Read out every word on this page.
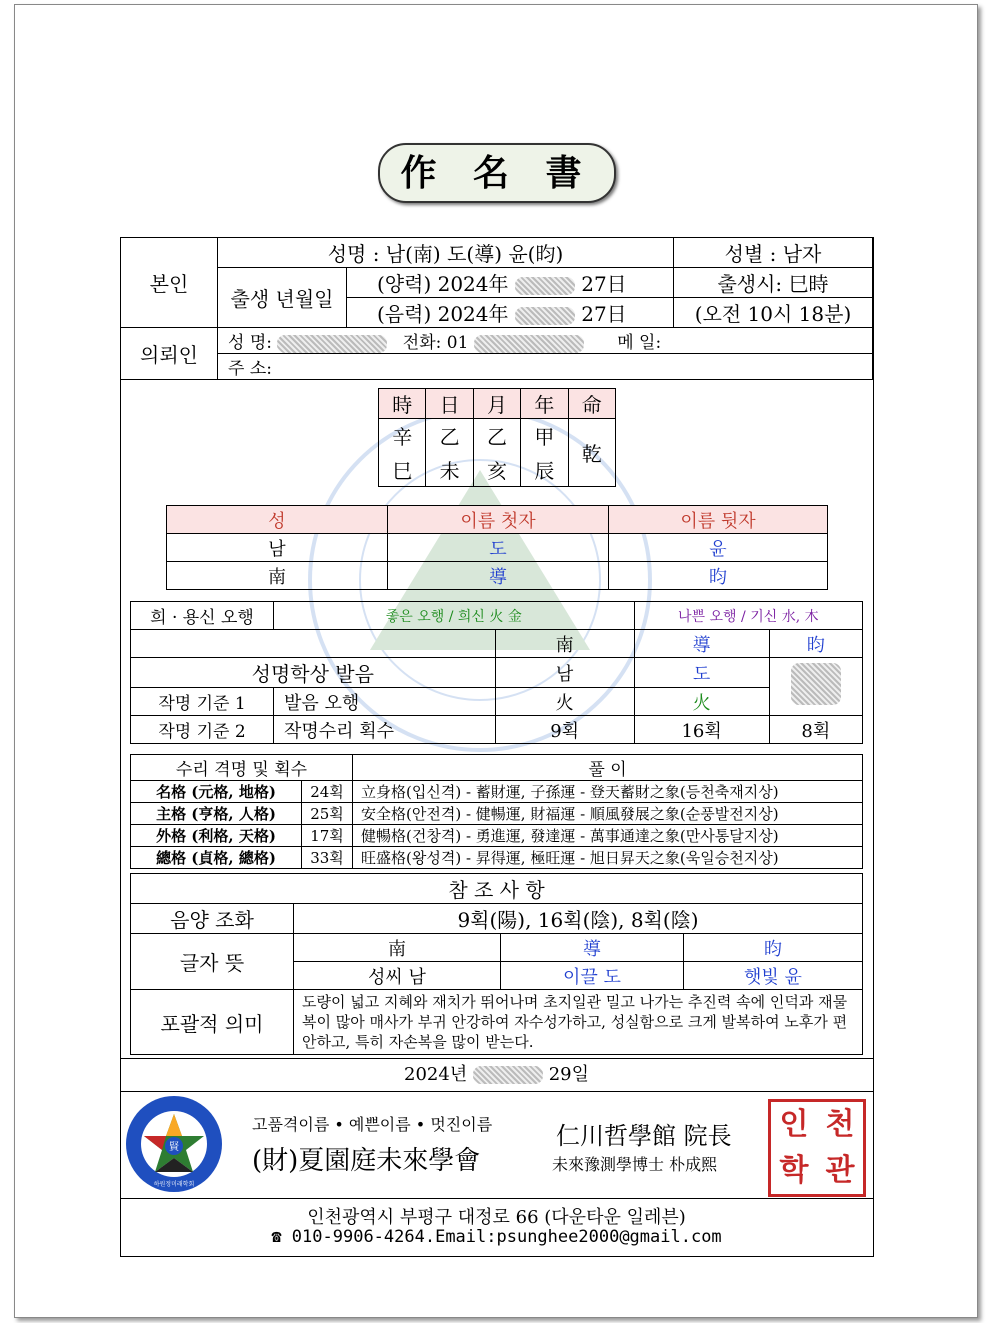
作 名 書
본인	성명 : 남(南) 도(導) 윤(昀)		성별 : 남자
	출생 년월일	(양력) 2024年 27日	출생시: 巳時
		(음력) 2024年 27日	(오전 10시 18분)
의뢰인	성 명: 전화: 01 메 일:		
	주 소:		
時	日	月	年	命
辛	乙	乙	甲	乾
巳	未	亥	辰	
성	이름 첫자	이름 뒷자
남	도	윤
南	導	昀
희 · 용신 오행	좋은 오행 / 희신 火 金		나쁜 오행 / 기신 水, 木	
		南	導	昀
성명학상 발음		남	도	
작명 기준 1	발음 오행	火	火	
작명 기준 2	작명수리 획수	9획	16획	8획
수리 격명 및 획수		풀 이
名格 (元格, 地格)	24획	立身格(입신격) - 蓄財運, 子孫運 - 登天蓄財之象(등천축재지상)
主格 (亨格, 人格)	25획	安全格(안전격) - 健暢運, 財福運 - 順風發展之象(순풍발전지상)
外格 (利格, 天格)	17획	健暢格(건창격) - 勇進運, 發達運 - 萬事通達之象(만사통달지상)
總格 (貞格, 總格)	33획	旺盛格(왕성격) - 昇得運, 極旺運 - 旭日昇天之象(욱일승천지상)
참 조 사 항			
음양 조화	9획(陽), 16획(陰), 8획(陰)		
글자 뜻	南	導	昀
	성씨 남	이끌 도	햇빛 윤
포괄적 의미	도량이 넓고 지혜와 재치가 뛰어나며 초지일관 밀고 나가는 추진력 속에 인덕과 재물복이 많아 매사가 부귀 안강하여 자수성가하고, 성실함으로 크게 발복하여 노후가 편안하고, 특히 자손복을 많이 받는다.		
2024년	29일
賢
하원정미래학회
고품격이름 • 예쁜이름 • 멋진이름
(財)夏園庭未來學會
仁川哲學館 院長
未來豫測學博士 朴成熙
인 천
학 관
인천광역시 부평구 대정로 66 (다운타운 일레븐)
☎ 010-9906-4264.Email:psunghee2000@gmail.com
